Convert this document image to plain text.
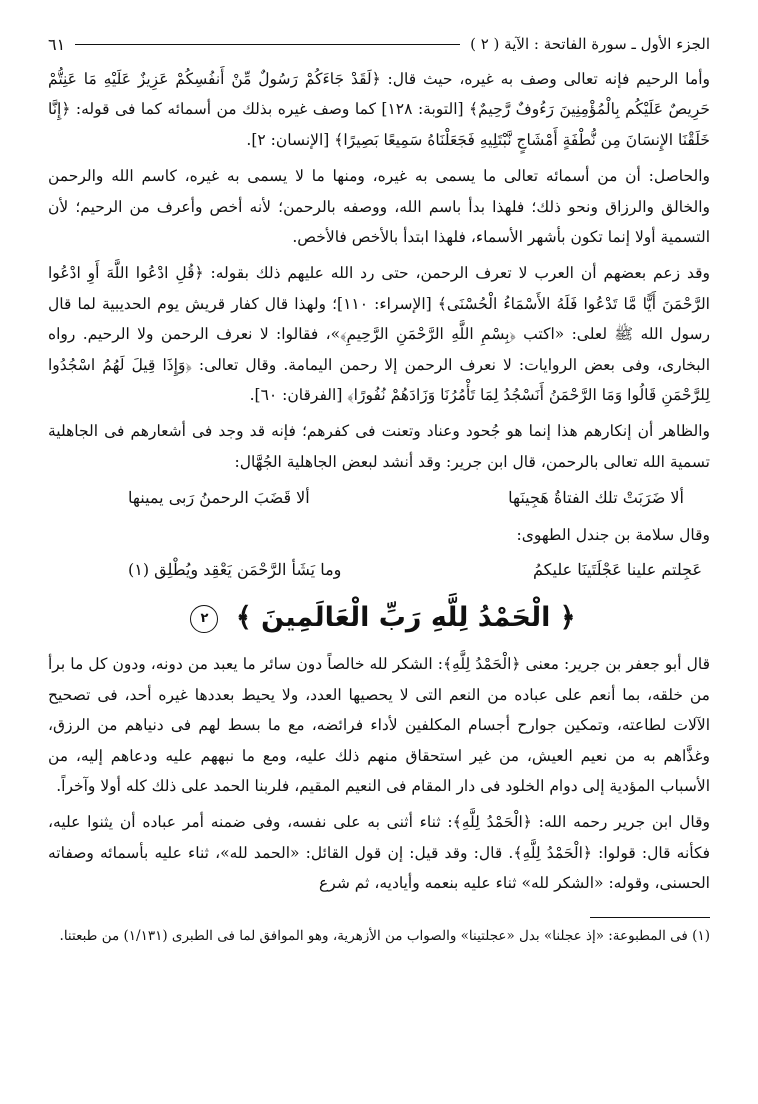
الجزء الأول ـ سورة الفاتحة : الآية ( ٢ )
٦١

وأما الرحيم فإنه تعالى وصف به غيره، حيث قال: ﴿لَقَدْ جَاءَكُمْ رَسُولٌ مِّنْ أَنفُسِكُمْ عَزِيزٌ عَلَيْهِ مَا عَنِتُّمْ حَرِيصٌ عَلَيْكُم بِالْمُؤْمِنِينَ رَءُوفٌ رَّحِيمٌ﴾ [التوبة: ١٢٨] كما وصف غيره بذلك من أسمائه كما فى قوله: ﴿إِنَّا خَلَقْنَا الإِنسَانَ مِن نُّطْفَةٍ أَمْشَاجٍ نَّبْتَلِيهِ فَجَعَلْنَاهُ سَمِيعًا بَصِيرًا﴾ [الإنسان: ٢].

والحاصل: أن من أسمائه تعالى ما يسمى به غيره، ومنها ما لا يسمى به غيره، كاسم الله والرحمن والخالق والرزاق ونحو ذلك؛ فلهذا بدأ باسم الله، ووصفه بالرحمن؛ لأنه أخص وأعرف من الرحيم؛ لأن التسمية أولا إنما تكون بأشهر الأسماء، فلهذا ابتدأ بالأخص فالأخص.

وقد زعم بعضهم أن العرب لا تعرف الرحمن، حتى رد الله عليهم ذلك بقوله: ﴿قُلِ ادْعُوا اللَّهَ أَوِ ادْعُوا الرَّحْمَنَ أَيًّا مَّا تَدْعُوا فَلَهُ الأَسْمَاءُ الْحُسْنَى﴾ [الإسراء: ١١٠]؛ ولهذا قال كفار قريش يوم الحديبية لما قال رسول الله ﷺ لعلى: «اكتب ﴿بِسْمِ اللَّهِ الرَّحْمَنِ الرَّحِيمِ﴾»، فقالوا: لا نعرف الرحمن ولا الرحيم. رواه البخارى، وفى بعض الروايات: لا نعرف الرحمن إلا رحمن اليمامة. وقال تعالى: ﴿وَإِذَا قِيلَ لَهُمُ اسْجُدُوا لِلرَّحْمَنِ قَالُوا وَمَا الرَّحْمَنُ أَنَسْجُدُ لِمَا تَأْمُرُنَا وَزَادَهُمْ نُفُورًا﴾ [الفرقان: ٦٠].

والظاهر أن إنكارهم هذا إنما هو جُحود وعناد وتعنت فى كفرهم؛ فإنه قد وجد فى أشعارهم فى الجاهلية تسمية الله تعالى بالرحمن، قال ابن جرير: وقد أنشد لبعض الجاهلية الجُهَّال:

ألا ضَرَبَتْ تلك الفتاةُ هَجِينَها
ألا قَضَبَ الرحمنُ رَبى يمينها

وقال سلامة بن جندل الطهوى:

عَجِلتم علينا عَجْلَتَينَا عليكمُ
وما يَشَأ الرَّحْمَن يَعْقِد ويُطْلِق (١)
﴿ الْحَمْدُ لِلَّهِ رَبِّ الْعَالَمِينَ ﴾ ٢

قال أبو جعفر بن جرير: معنى ﴿الْحَمْدُ لِلَّهِ﴾: الشكر لله خالصاً دون سائر ما يعبد من دونه، ودون كل ما برأ من خلقه، بما أنعم على عباده من النعم التى لا يحصيها العدد، ولا يحيط بعددها غيره أحد، فى تصحيح الآلات لطاعته، وتمكين جوارح أجسام المكلفين لأداء فرائضه، مع ما بسط لهم فى دنياهم من الرزق، وغذَّاهم به من نعيم العيش، من غير استحقاق منهم ذلك عليه، ومع ما نبههم عليه ودعاهم إليه، من الأسباب المؤدية إلى دوام الخلود فى دار المقام فى النعيم المقيم، فلربنا الحمد على ذلك كله أولا وآخراً.

وقال ابن جرير رحمه الله: ﴿الْحَمْدُ لِلَّهِ﴾: ثناء أثنى به على نفسه، وفى ضمنه أمر عباده أن يثنوا عليه، فكأنه قال: قولوا: ﴿الْحَمْدُ لِلَّهِ﴾. قال: وقد قيل: إن قول القائل: «الحمد لله»، ثناء عليه بأسمائه وصفاته الحسنى، وقوله: «الشكر لله» ثناء عليه بنعمه وأياديه، ثم شرع

(١) فى المطبوعة: «إذ عجلنا» بدل «عجلتينا» والصواب من الأزهرية، وهو الموافق لما فى الطبرى (١/١٣١) من طبعتنا.
